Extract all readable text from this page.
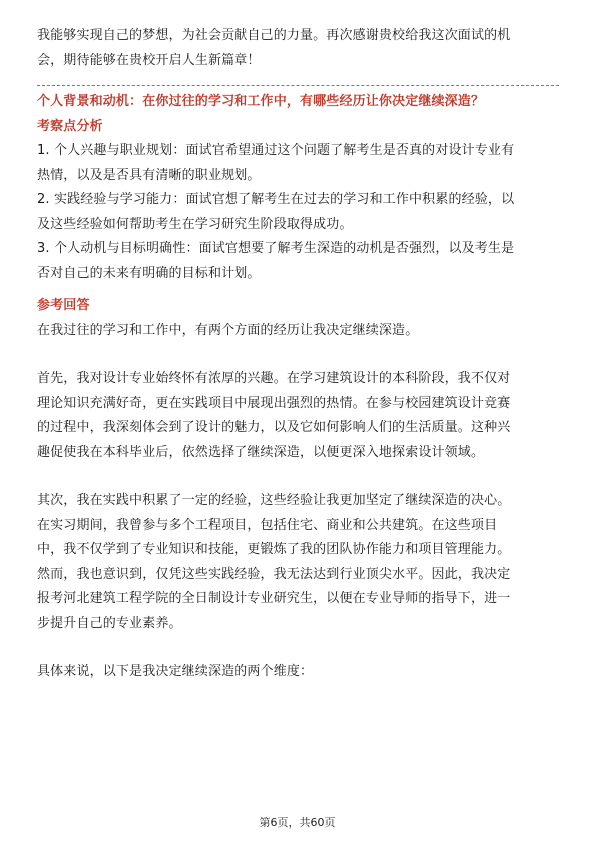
我能够实现自己的梦想，为社会贡献自己的力量。再次感谢贵校给我这次面试的机

会，期待能够在贵校开启人生新篇章！

个人背景和动机：在你过往的学习和工作中，有哪些经历让你决定继续深造？

考察点分析

1. 个人兴趣与职业规划：面试官希望通过这个问题了解考生是否真的对设计专业有

热情，以及是否具有清晰的职业规划。

2. 实践经验与学习能力：面试官想了解考生在过去的学习和工作中积累的经验，以

及这些经验如何帮助考生在学习研究生阶段取得成功。

3. 个人动机与目标明确性：面试官想要了解考生深造的动机是否强烈，以及考生是

否对自己的未来有明确的目标和计划。

参考回答

在我过往的学习和工作中，有两个方面的经历让我决定继续深造。

首先，我对设计专业始终怀有浓厚的兴趣。在学习建筑设计的本科阶段，我不仅对

理论知识充满好奇，更在实践项目中展现出强烈的热情。在参与校园建筑设计竞赛

的过程中，我深刻体会到了设计的魅力，以及它如何影响人们的生活质量。这种兴

趣促使我在本科毕业后，依然选择了继续深造，以便更深入地探索设计领域。

其次，我在实践中积累了一定的经验，这些经验让我更加坚定了继续深造的决心。

在实习期间，我曾参与多个工程项目，包括住宅、商业和公共建筑。在这些项目

中，我不仅学到了专业知识和技能，更锻炼了我的团队协作能力和项目管理能力。

然而，我也意识到，仅凭这些实践经验，我无法达到行业顶尖水平。因此，我决定

报考河北建筑工程学院的全日制设计专业研究生，以便在专业导师的指导下，进一

步提升自己的专业素养。

具体来说，以下是我决定继续深造的两个维度：

第6页，共60页
